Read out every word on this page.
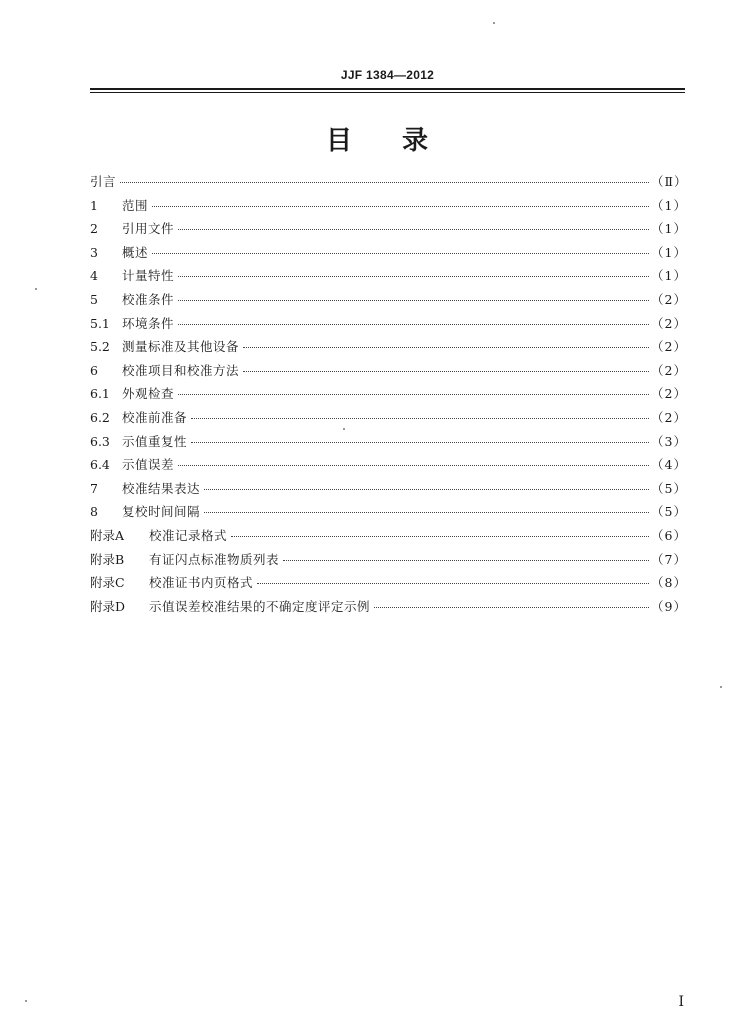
JJF 1384—2012
目 录
引言	（Ⅱ）
1	范围	（1）
2	引用文件	（1）
3	概述	（1）
4	计量特性	（1）
5	校准条件	（2）
5.1 环境条件	（2）
5.2 测量标准及其他设备	（2）
6	校准项目和校准方法	（2）
6.1 外观检查	（2）
6.2 校准前准备	（2）
6.3 示值重复性	（3）
6.4 示值误差	（4）
7	校准结果表达	（5）
8	复校时间间隔	（5）
附录A	校准记录格式	（6）
附录B	有证闪点标准物质列表	（7）
附录C	校准证书内页格式	（8）
附录D	示值误差校准结果的不确定度评定示例	（9）
I
